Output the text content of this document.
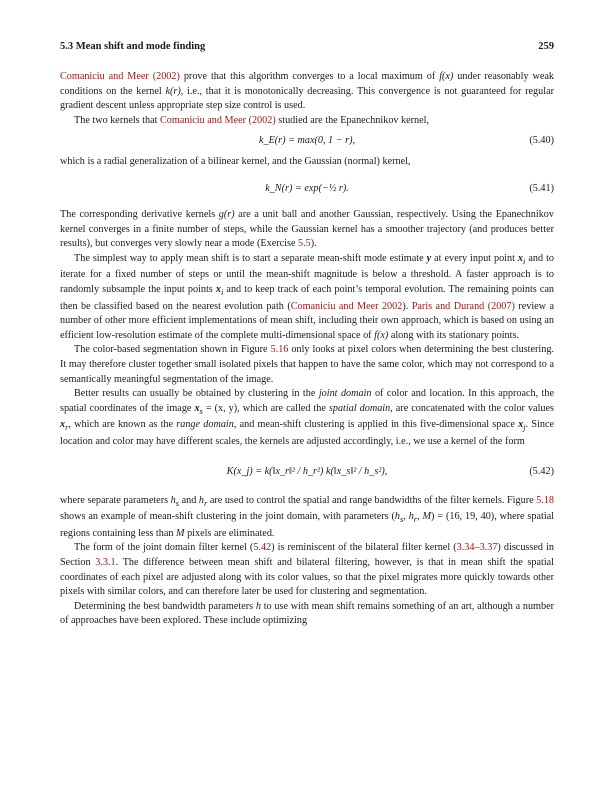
5.3 Mean shift and mode finding	259

Comaniciu and Meer (2002) prove that this algorithm converges to a local maximum of f(x) under reasonably weak conditions on the kernel k(r), i.e., that it is monotonically decreasing. This convergence is not guaranteed for regular gradient descent unless appropriate step size control is used.

The two kernels that Comaniciu and Meer (2002) studied are the Epanechnikov kernel,

k_E(r) = max(0, 1 − r),	(5.40)

which is a radial generalization of a bilinear kernel, and the Gaussian (normal) kernel,

k_N(r) = exp(−½ r).	(5.41)

The corresponding derivative kernels g(r) are a unit ball and another Gaussian, respectively. Using the Epanechnikov kernel converges in a finite number of steps, while the Gaussian kernel has a smoother trajectory (and produces better results), but converges very slowly near a mode (Exercise 5.5).

The simplest way to apply mean shift is to start a separate mean-shift mode estimate y at every input point $x_i$ and to iterate for a fixed number of steps or until the mean-shift magnitude is below a threshold. A faster approach is to randomly subsample the input points $x_i$ and to keep track of each point’s temporal evolution. The remaining points can then be classified based on the nearest evolution path (Comaniciu and Meer 2002). Paris and Durand (2007) review a number of other more efficient implementations of mean shift, including their own approach, which is based on using an efficient low-resolution estimate of the complete multi-dimensional space of f(x) along with its stationary points.

The color-based segmentation shown in Figure 5.16 only looks at pixel colors when determining the best clustering. It may therefore cluster together small isolated pixels that happen to have the same color, which may not correspond to a semantically meaningful segmentation of the image.

Better results can usually be obtained by clustering in the joint domain of color and location. In this approach, the spatial coordinates of the image $x_s = (x$, y), which are called the spatial domain, are concatenated with the color values $x_r$, which are known as the range domain, and mean-shift clustering is applied in this five-dimensional space $x_j$. Since location and color may have different scales, the kernels are adjusted accordingly, i.e., we use a kernel of the form

K(x_j) = k(‖x_r‖² / h_r²) k(‖x_s‖² / h_s²),	(5.42)

where separate parameters $h_s$ and $h_r$ are used to control the spatial and range bandwidths of the filter kernels. Figure 5.18 shows an example of mean-shift clustering in the joint domain, with parameters ($h_s$, $h_r$, M) = (16, 19, 40), where spatial regions containing less than M pixels are eliminated.

The form of the joint domain filter kernel (5.42) is reminiscent of the bilateral filter kernel (3.34–3.37) discussed in Section 3.3.1. The difference between mean shift and bilateral filtering, however, is that in mean shift the spatial coordinates of each pixel are adjusted along with its color values, so that the pixel migrates more quickly towards other pixels with similar colors, and can therefore later be used for clustering and segmentation.

Determining the best bandwidth parameters h to use with mean shift remains something of an art, although a number of approaches have been explored. These include optimizing
